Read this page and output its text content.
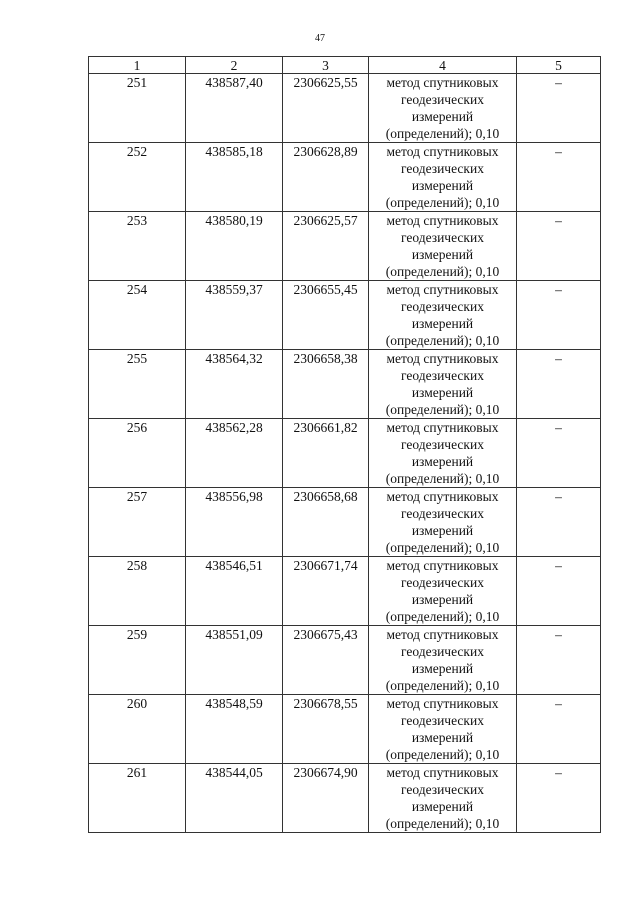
47
1	2	3	4	5
251	438587,40	2306625,55	метод спутниковых
геодезических
измерений
(определений); 0,10	–
252	438585,18	2306628,89	метод спутниковых
геодезических
измерений
(определений); 0,10	–
253	438580,19	2306625,57	метод спутниковых
геодезических
измерений
(определений); 0,10	–
254	438559,37	2306655,45	метод спутниковых
геодезических
измерений
(определений); 0,10	–
255	438564,32	2306658,38	метод спутниковых
геодезических
измерений
(определений); 0,10	–
256	438562,28	2306661,82	метод спутниковых
геодезических
измерений
(определений); 0,10	–
257	438556,98	2306658,68	метод спутниковых
геодезических
измерений
(определений); 0,10	–
258	438546,51	2306671,74	метод спутниковых
геодезических
измерений
(определений); 0,10	–
259	438551,09	2306675,43	метод спутниковых
геодезических
измерений
(определений); 0,10	–
260	438548,59	2306678,55	метод спутниковых
геодезических
измерений
(определений); 0,10	–
261	438544,05	2306674,90	метод спутниковых
геодезических
измерений
(определений); 0,10	–
